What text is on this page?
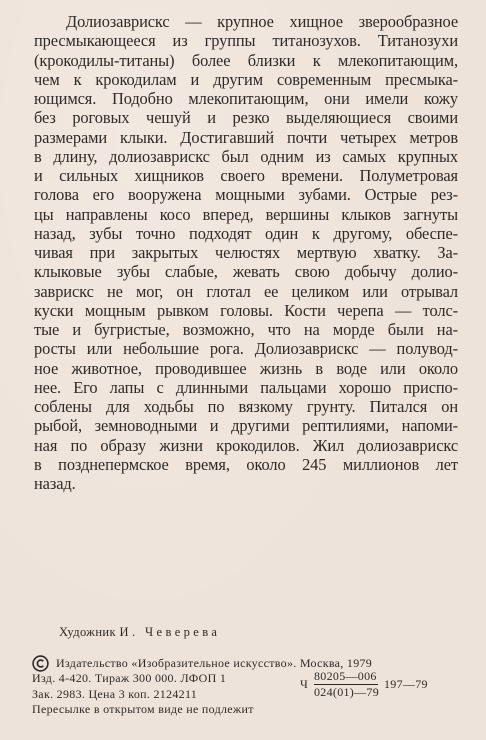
Долиозаврискс — крупное хищное зверообразное
пресмыкающееся из группы титанозухов. Титанозухи
(крокодилы-титаны) более близки к млекопитающим,
чем к крокодилам и другим современным пресмыка-
ющимся. Подобно млекопитающим, они имели кожу
без роговых чешуй и резко выделяющиеся своими
размерами клыки. Достигавший почти четырех метров
в длину, долиозаврискс был одним из самых крупных
и сильных хищников своего времени. Полуметровая
голова его вооружена мощными зубами. Острые рез-
цы направлены косо вперед, вершины клыков загнуты
назад, зубы точно подходят один к другому, обеспе-
чивая при закрытых челюстях мертвую хватку. За-
клыковые зубы слабые, жевать свою добычу долио-
заврискс не мог, он глотал ее целиком или отрывал
куски мощным рывком головы. Кости черепа — толс-
тые и бугристые, возможно, что на морде были на-
росты или небольшие рога. Долиозаврискс — полувод-
ное животное, проводившее жизнь в воде или около
нее. Его лапы с длинными пальцами хорошо приспо-
соблены для ходьбы по вязкому грунту. Питался он
рыбой, земноводными и другими рептилиями, напоми-
ная по образу жизни крокодилов. Жил долиозаврискс
в позднепермское время, около 245 миллионов лет
назад.
Художник И. Чеверева
Издательство «Изобразительное искусство». Москва, 1979
Изд. 4-420. Тираж 300 000. ЛФОП 1
Зак. 2983. Цена 3 коп. 2124211
Пересылке в открытом виде не подлежит
Ч
80205—006
024(01)—79
197—79
